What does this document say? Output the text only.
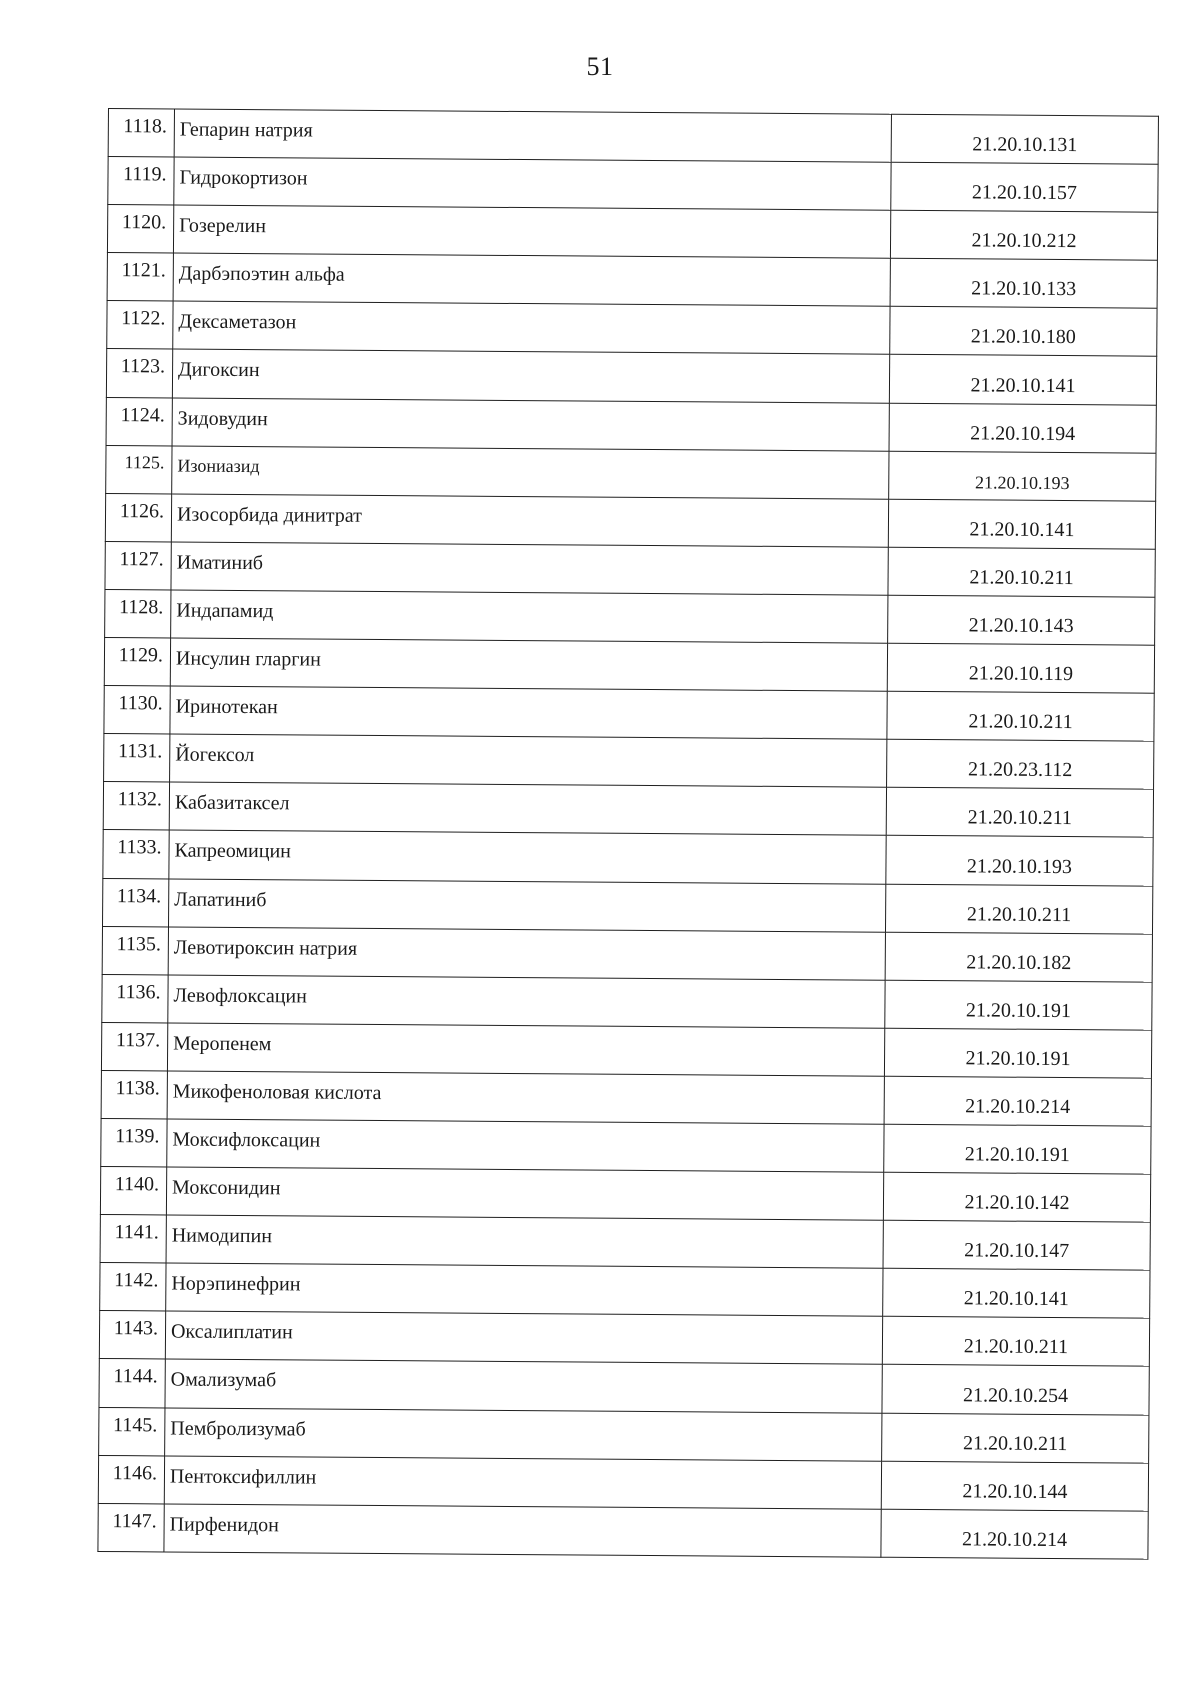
51
1118.	Гепарин натрия	21.20.10.131
1119.	Гидрокортизон	21.20.10.157
1120.	Гозерелин	21.20.10.212
1121.	Дарбэпоэтин альфа	21.20.10.133
1122.	Дексаметазон	21.20.10.180
1123.	Дигоксин	21.20.10.141
1124.	Зидовудин	21.20.10.194
1125.	Изониазид	21.20.10.193
1126.	Изосорбида динитрат	21.20.10.141
1127.	Иматиниб	21.20.10.211
1128.	Индапамид	21.20.10.143
1129.	Инсулин гларгин	21.20.10.119
1130.	Иринотекан	21.20.10.211
1131.	Йогексол	21.20.23.112
1132.	Кабазитаксел	21.20.10.211
1133.	Капреомицин	21.20.10.193
1134.	Лапатиниб	21.20.10.211
1135.	Левотироксин натрия	21.20.10.182
1136.	Левофлоксацин	21.20.10.191
1137.	Меропенем	21.20.10.191
1138.	Микофеноловая кислота	21.20.10.214
1139.	Моксифлоксацин	21.20.10.191
1140.	Моксонидин	21.20.10.142
1141.	Нимодипин	21.20.10.147
1142.	Норэпинефрин	21.20.10.141
1143.	Оксалиплатин	21.20.10.211
1144.	Омализумаб	21.20.10.254
1145.	Пембролизумаб	21.20.10.211
1146.	Пентоксифиллин	21.20.10.144
1147.	Пирфенидон	21.20.10.214
